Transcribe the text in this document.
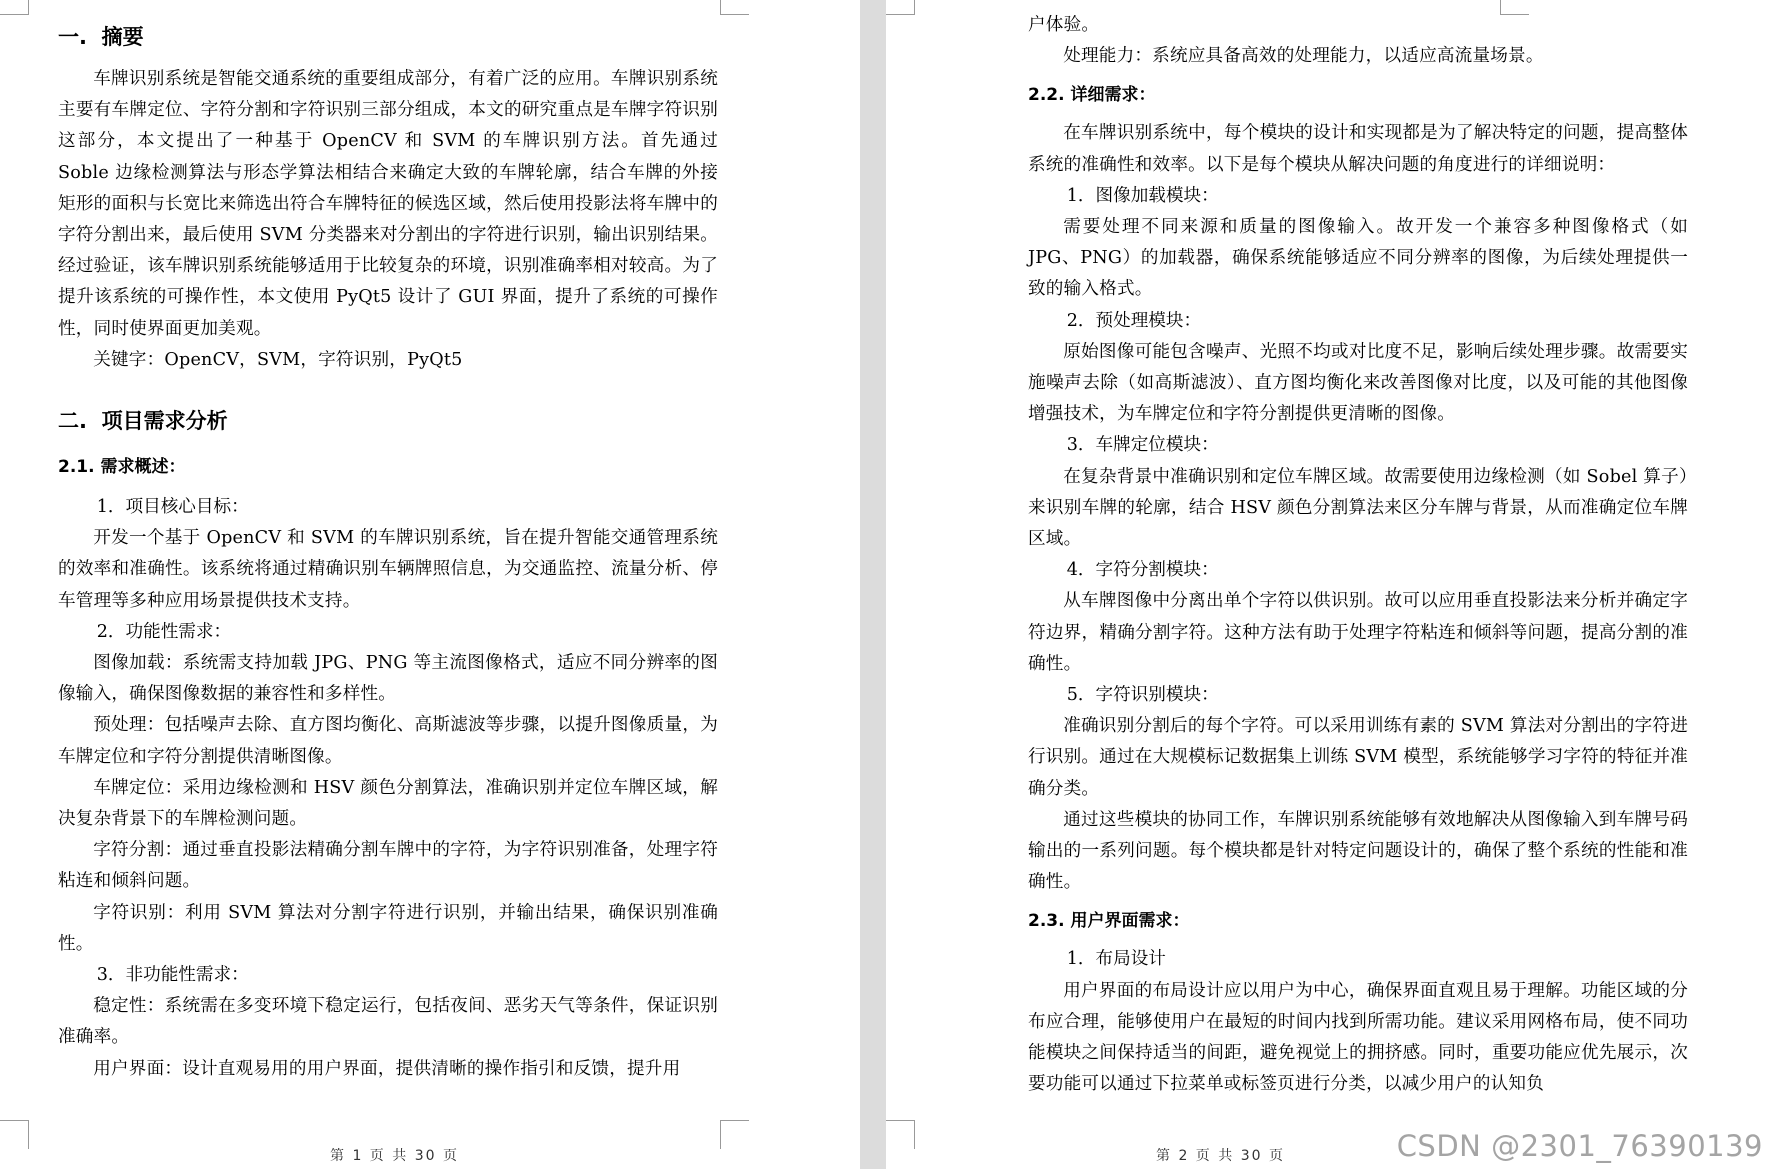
一.  摘要

车牌识别系统是智能交通系统的重要组成部分，有着广泛的应用。车牌识别系统主要有车牌定位、字符分割和字符识别三部分组成，本文的研究重点是车牌字符识别这部分，本文提出了一种基于 OpenCV 和 SVM 的车牌识别方法。首先通过 Soble 边缘检测算法与形态学算法相结合来确定大致的车牌轮廓，结合车牌的外接矩形的面积与长宽比来筛选出符合车牌特征的候选区域，然后使用投影法将车牌中的字符分割出来，最后使用 SVM 分类器来对分割出的字符进行识别，输出识别结果。经过验证，该车牌识别系统能够适用于比较复杂的环境，识别准确率相对较高。为了提升该系统的可操作性，本文使用 PyQt5 设计了 GUI 界面，提升了系统的可操作性，同时使界面更加美观。

关键字：OpenCV，SVM，字符识别，PyQt5

二.  项目需求分析
2.1. 需求概述：

1．项目核心目标：

开发一个基于 OpenCV 和 SVM 的车牌识别系统，旨在提升智能交通管理系统的效率和准确性。该系统将通过精确识别车辆牌照信息，为交通监控、流量分析、停车管理等多种应用场景提供技术支持。

2．功能性需求：

图像加载：系统需支持加载 JPG、PNG 等主流图像格式，适应不同分辨率的图像输入，确保图像数据的兼容性和多样性。

预处理：包括噪声去除、直方图均衡化、高斯滤波等步骤，以提升图像质量，为车牌定位和字符分割提供清晰图像。

车牌定位：采用边缘检测和 HSV 颜色分割算法，准确识别并定位车牌区域，解决复杂背景下的车牌检测问题。

字符分割：通过垂直投影法精确分割车牌中的字符，为字符识别准备，处理字符粘连和倾斜问题。

字符识别：利用 SVM 算法对分割字符进行识别，并输出结果，确保识别准确性。

3．非功能性需求：

稳定性：系统需在多变环境下稳定运行，包括夜间、恶劣天气等条件，保证识别准确率。

用户界面：设计直观易用的用户界面，提供清晰的操作指引和反馈，提升用

第 1 页 共 30 页

户体验。

处理能力：系统应具备高效的处理能力，以适应高流量场景。

2.2. 详细需求：

在车牌识别系统中，每个模块的设计和实现都是为了解决特定的问题，提高整体系统的准确性和效率。以下是每个模块从解决问题的角度进行的详细说明：

1．图像加载模块：

需要处理不同来源和质量的图像输入。故开发一个兼容多种图像格式（如 JPG、PNG）的加载器，确保系统能够适应不同分辨率的图像，为后续处理提供一致的输入格式。

2．预处理模块：

原始图像可能包含噪声、光照不均或对比度不足，影响后续处理步骤。故需要实施噪声去除（如高斯滤波）、直方图均衡化来改善图像对比度，以及可能的其他图像增强技术，为车牌定位和字符分割提供更清晰的图像。

3．车牌定位模块：

在复杂背景中准确识别和定位车牌区域。故需要使用边缘检测（如 Sobel 算子）来识别车牌的轮廓，结合 HSV 颜色分割算法来区分车牌与背景，从而准确定位车牌区域。

4．字符分割模块：

从车牌图像中分离出单个字符以供识别。故可以应用垂直投影法来分析并确定字符边界，精确分割字符。这种方法有助于处理字符粘连和倾斜等问题，提高分割的准确性。

5．字符识别模块：

准确识别分割后的每个字符。可以采用训练有素的 SVM 算法对分割出的字符进行识别。通过在大规模标记数据集上训练 SVM 模型，系统能够学习字符的特征并准确分类。

通过这些模块的协同工作，车牌识别系统能够有效地解决从图像输入到车牌号码输出的一系列问题。每个模块都是针对特定问题设计的，确保了整个系统的性能和准确性。

2.3. 用户界面需求：

1．布局设计

用户界面的布局设计应以用户为中心，确保界面直观且易于理解。功能区域的分布应合理，能够使用户在最短的时间内找到所需功能。建议采用网格布局，使不同功能模块之间保持适当的间距，避免视觉上的拥挤感。同时，重要功能应优先展示，次要功能可以通过下拉菜单或标签页进行分类，以减少用户的认知负

第 2 页 共 30 页	CSDN @2301_76390139
